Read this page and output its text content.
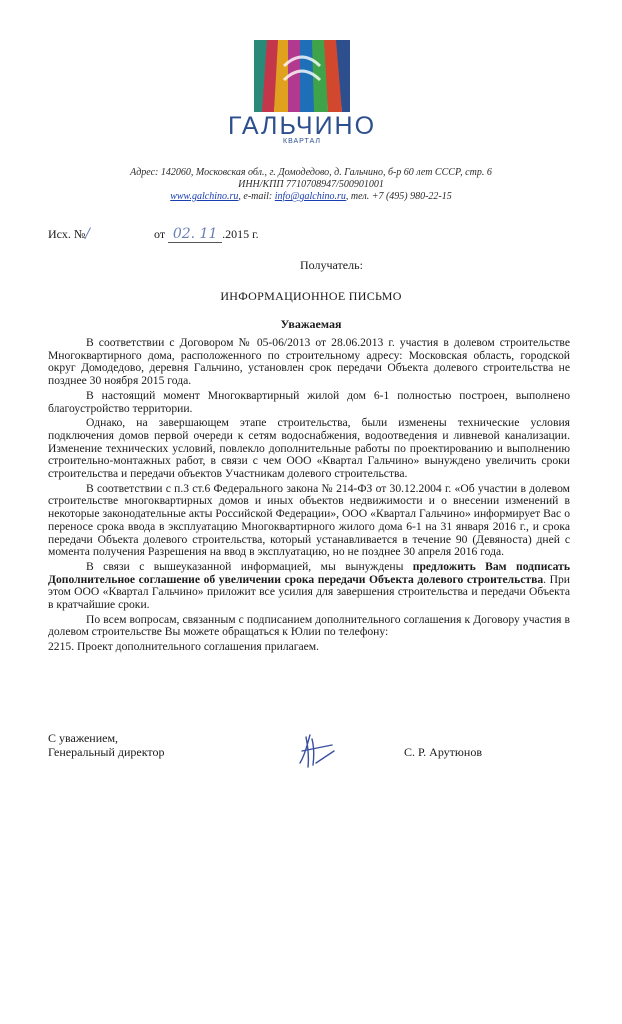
ГАЛЬЧИНО
КВАРТАЛ
Адрес: 142060, Московская обл., г. Домодедово, д. Гальчино, б-р 60 лет СССР, стр. 6
ИНН/КПП 7710708947/500901001
www.galchino.ru, e-mail: info@galchino.ru, тел. +7 (495) 980-22-15
Исх. №/	от 02. 11 .2015 г.
Получатель:
ИНФОРМАЦИОННОЕ ПИСЬМО
Уважаемая

В соответствии с Договором № 05-06/2013 от 28.06.2013 г. участия в долевом строительстве Многоквартирного дома, расположенного по строительному адресу: Московская область, городской округ Домодедово, деревня Гальчино, установлен срок передачи Объекта долевого строительства не позднее 30 ноября 2015 года.

В настоящий момент Многоквартирный жилой дом 6-1 полностью построен, выполнено благоустройство территории.

Однако, на завершающем этапе строительства, были изменены технические условия подключения домов первой очереди к сетям водоснабжения, водоотведения и ливневой канализации. Изменение технических условий, повлекло дополнительные работы по проектированию и выполнению строительно-монтажных работ, в связи с чем ООО «Квартал Гальчино» вынуждено увеличить сроки строительства и передачи объектов Участникам долевого строительства.

В соответствии с п.3 ст.6 Федерального закона № 214-ФЗ от 30.12.2004 г. «Об участии в долевом строительстве многоквартирных домов и иных объектов недвижимости и о внесении изменений в некоторые законодательные акты Российской Федерации», ООО «Квартал Гальчино» информирует Вас о переносе срока ввода в эксплуатацию Многоквартирного жилого дома 6-1 на 31 января 2016 г., и срока передачи Объекта долевого строительства, который устанавливается в течение 90 (Девяноста) дней с момента получения Разрешения на ввод в эксплуатацию, но не позднее 30 апреля 2016 года.

В связи с вышеуказанной информацией, мы вынуждены предложить Вам подписать Дополнительное соглашение об увеличении срока передачи Объекта долевого строительства. При этом ООО «Квартал Гальчино» приложит все усилия для завершения строительства и передачи Объекта в кратчайшие сроки.

По всем вопросам, связанным с подписанием дополнительного соглашения к Договору участия в долевом строительстве Вы можете обращаться к Юлии по телефону:

2215. Проект дополнительного соглашения прилагаем.

С уважением,
Генеральный директор	С. Р. Арутюнов
